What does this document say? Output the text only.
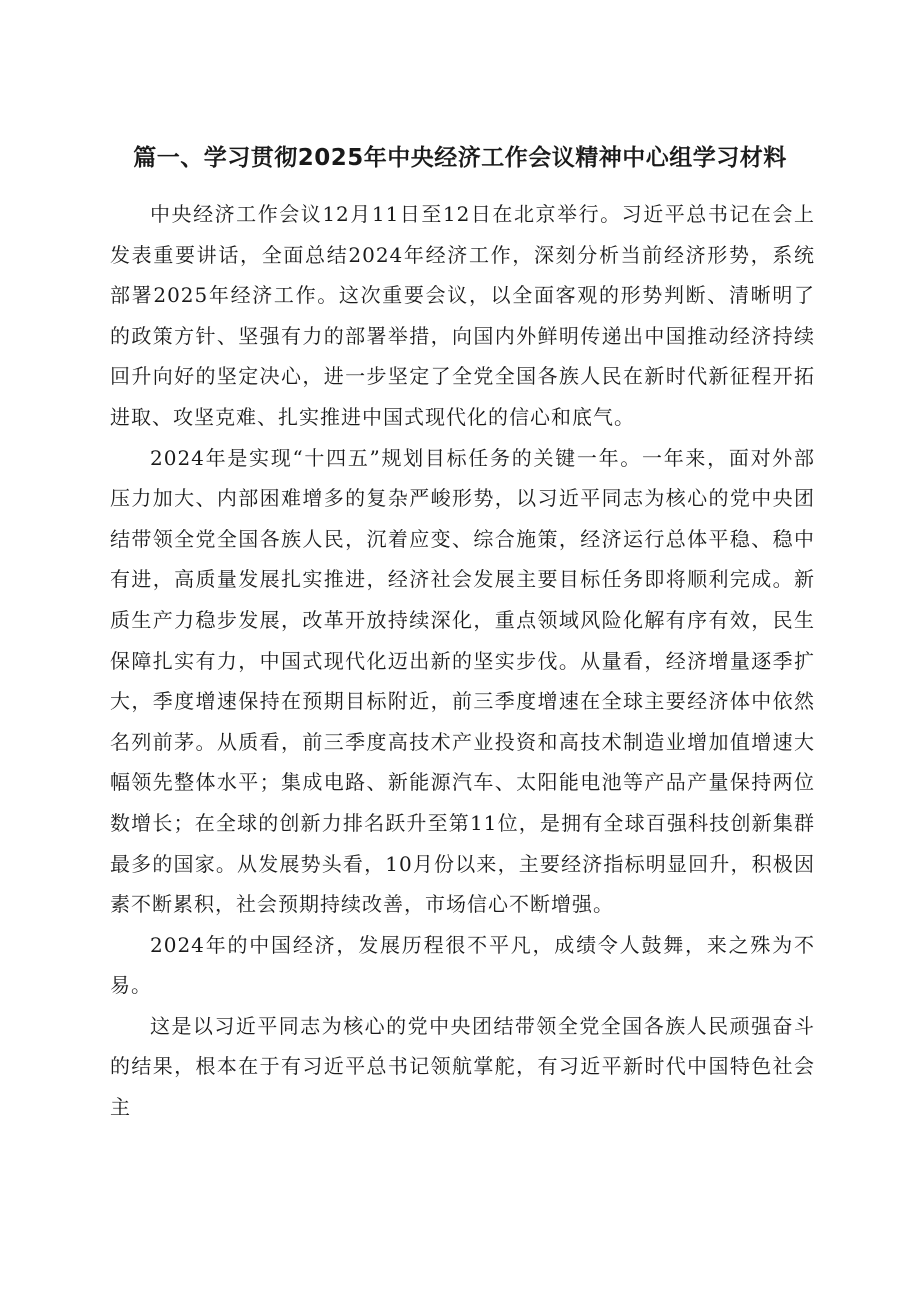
篇一、学习贯彻2025年中央经济工作会议精神中心组学习材料

中央经济工作会议12月11日至12日在北京举行。习近平总书记在会上发表重要讲话，全面总结2024年经济工作，深刻分析当前经济形势，系统部署2025年经济工作。这次重要会议，以全面客观的形势判断、清晰明了的政策方针、坚强有力的部署举措，向国内外鲜明传递出中国推动经济持续回升向好的坚定决心，进一步坚定了全党全国各族人民在新时代新征程开拓进取、攻坚克难、扎实推进中国式现代化的信心和底气。

2024年是实现“十四五”规划目标任务的关键一年。一年来，面对外部压力加大、内部困难增多的复杂严峻形势，以习近平同志为核心的党中央团结带领全党全国各族人民，沉着应变、综合施策，经济运行总体平稳、稳中有进，高质量发展扎实推进，经济社会发展主要目标任务即将顺利完成。新质生产力稳步发展，改革开放持续深化，重点领域风险化解有序有效，民生保障扎实有力，中国式现代化迈出新的坚实步伐。从量看，经济增量逐季扩大，季度增速保持在预期目标附近，前三季度增速在全球主要经济体中依然名列前茅。从质看，前三季度高技术产业投资和高技术制造业增加值增速大幅领先整体水平；集成电路、新能源汽车、太阳能电池等产品产量保持两位数增长；在全球的创新力排名跃升至第11位，是拥有全球百强科技创新集群最多的国家。从发展势头看，10月份以来，主要经济指标明显回升，积极因素不断累积，社会预期持续改善，市场信心不断增强。

2024年的中国经济，发展历程很不平凡，成绩令人鼓舞，来之殊为不易。

这是以习近平同志为核心的党中央团结带领全党全国各族人民顽强奋斗的结果，根本在于有习近平总书记领航掌舵，有习近平新时代中国特色社会主
